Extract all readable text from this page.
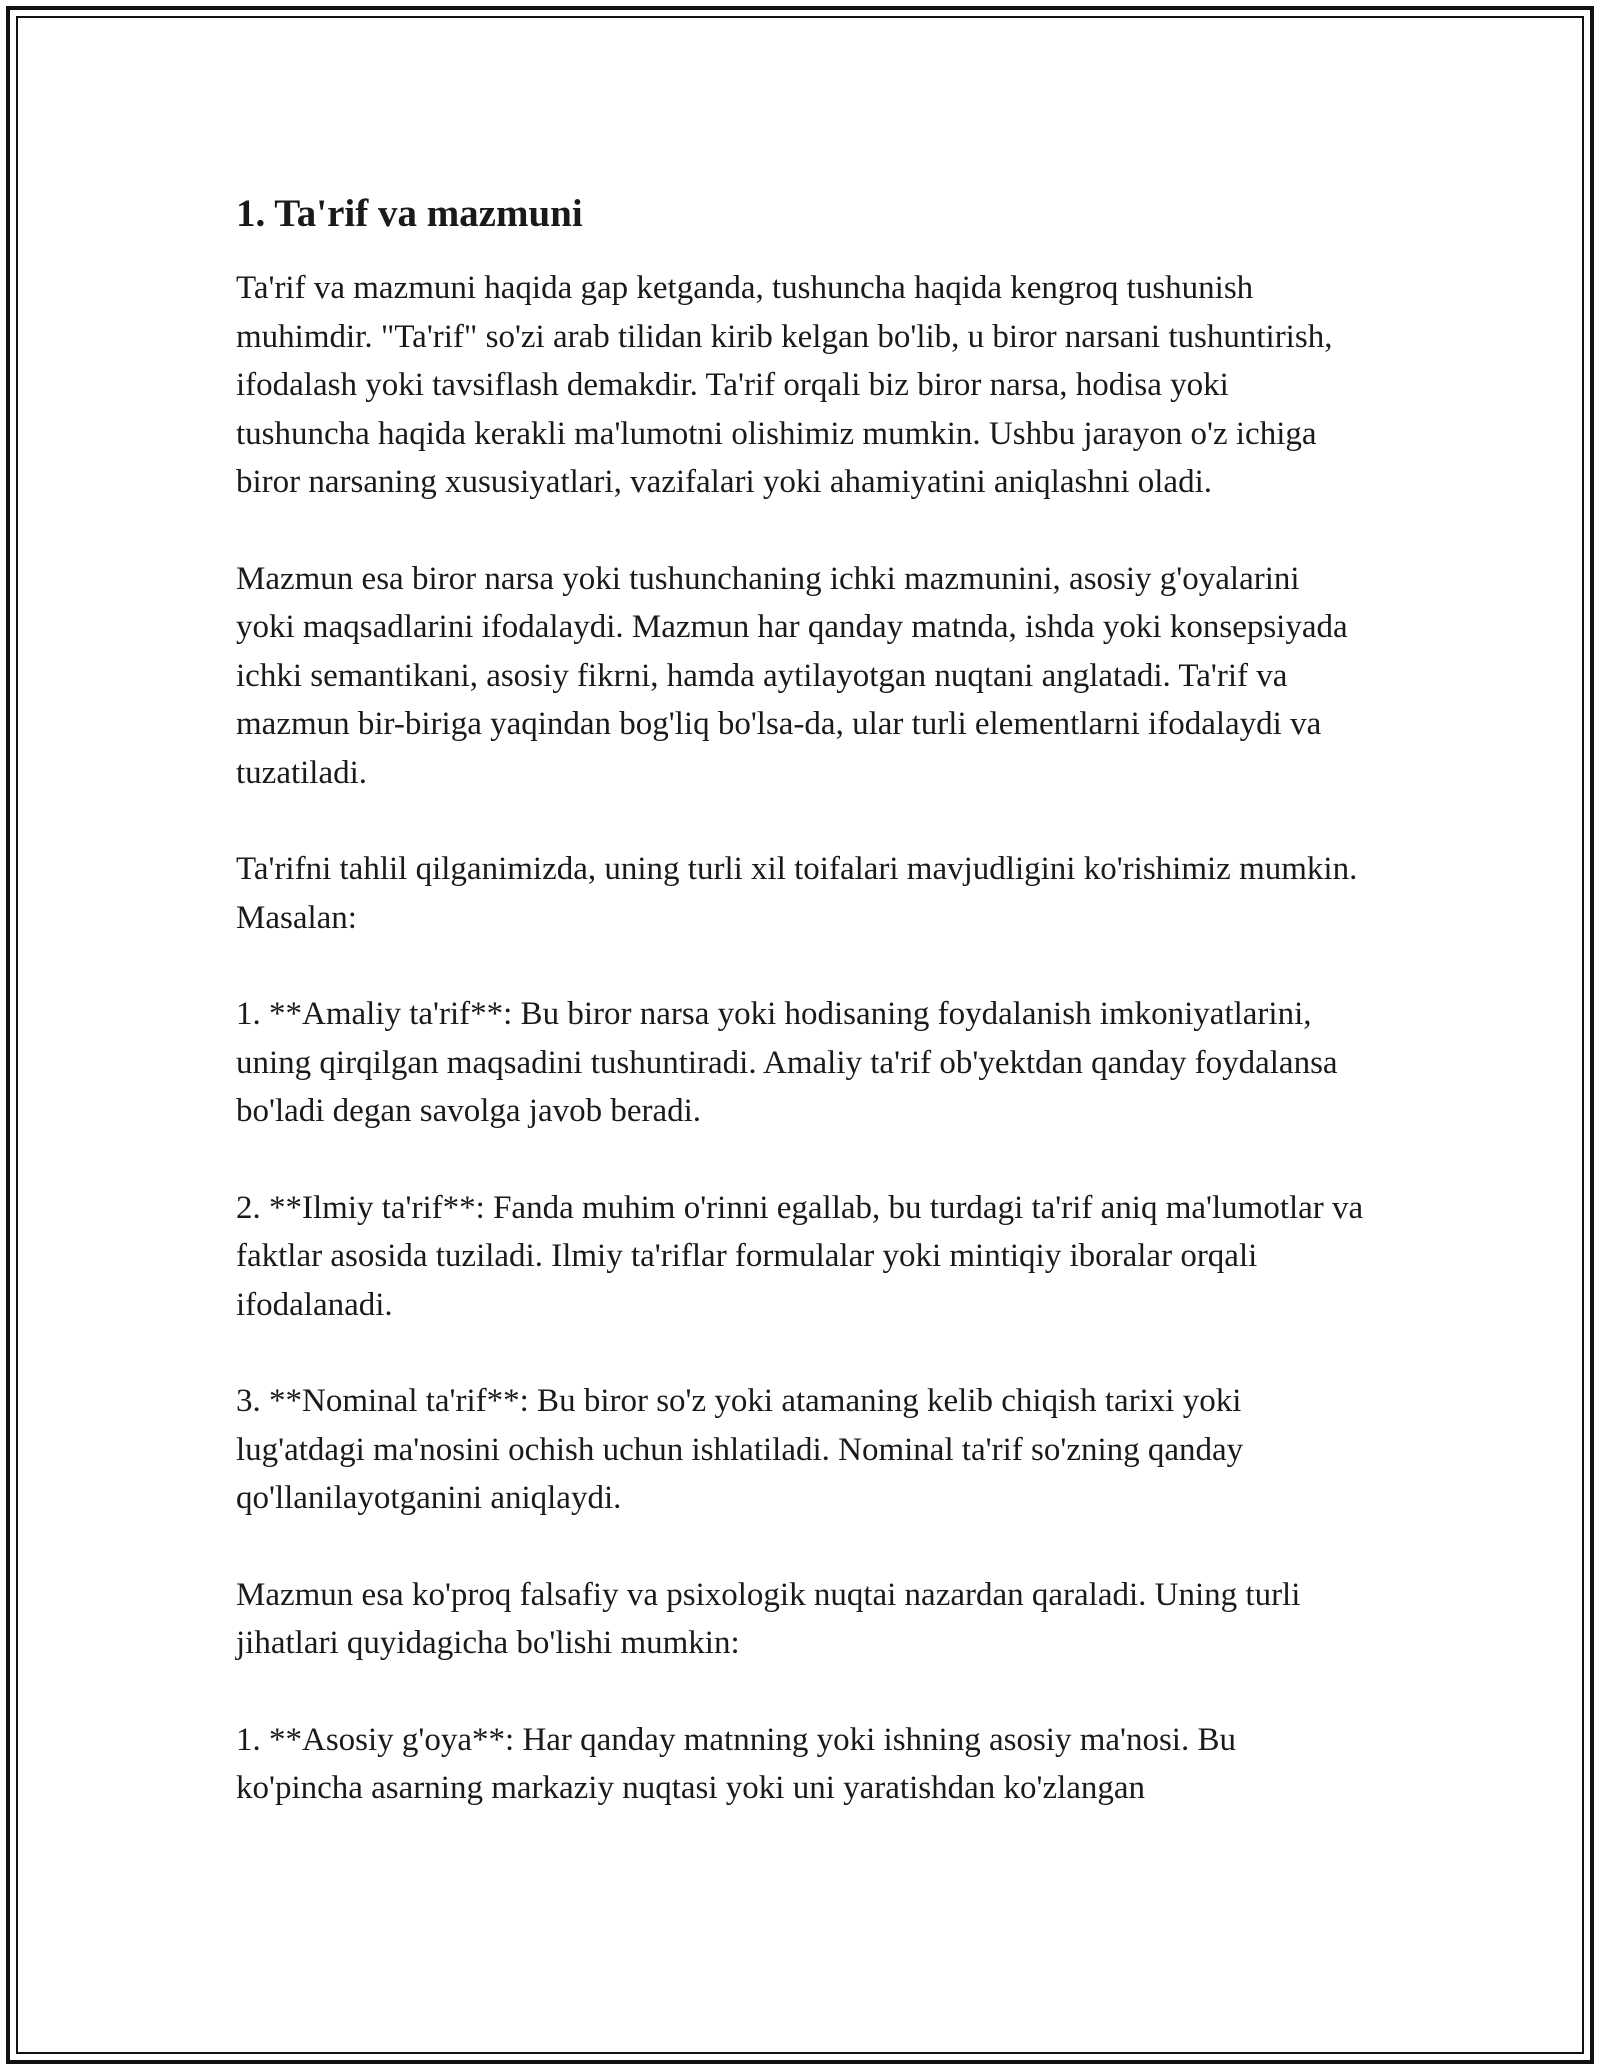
1. Ta'rif va mazmuni

Ta'rif va mazmuni haqida gap ketganda, tushuncha haqida kengroq tushunish muhimdir. "Ta'rif" so'zi arab tilidan kirib kelgan bo'lib, u biror narsani tushuntirish, ifodalash yoki tavsiflash demakdir. Ta'rif orqali biz biror narsa, hodisa yoki tushuncha haqida kerakli ma'lumotni olishimiz mumkin. Ushbu jarayon o'z ichiga biror narsaning xususiyatlari, vazifalari yoki ahamiyatini aniqlashni oladi.

Mazmun esa biror narsa yoki tushunchaning ichki mazmunini, asosiy g'oyalarini yoki maqsadlarini ifodalaydi. Mazmun har qanday matnda, ishda yoki konsepsiyada ichki semantikani, asosiy fikrni, hamda aytilayotgan nuqtani anglatadi. Ta'rif va mazmun bir-biriga yaqindan bog'liq bo'lsa-da, ular turli elementlarni ifodalaydi va tuzatiladi.

Ta'rifni tahlil qilganimizda, uning turli xil toifalari mavjudligini ko'rishimiz mumkin. Masalan:

1. **Amaliy ta'rif**: Bu biror narsa yoki hodisaning foydalanish imkoniyatlarini, uning qirqilgan maqsadini tushuntiradi. Amaliy ta'rif ob'yektdan qanday foydalansa bo'ladi degan savolga javob beradi.

2. **Ilmiy ta'rif**: Fanda muhim o'rinni egallab, bu turdagi ta'rif aniq ma'lumotlar va faktlar asosida tuziladi. Ilmiy ta'riflar formulalar yoki mintiqiy iboralar orqali ifodalanadi.

3. **Nominal ta'rif**: Bu biror so'z yoki atamaning kelib chiqish tarixi yoki lug'atdagi ma'nosini ochish uchun ishlatiladi. Nominal ta'rif so'zning qanday qo'llanilayotganini aniqlaydi.

Mazmun esa ko'proq falsafiy va psixologik nuqtai nazardan qaraladi. Uning turli jihatlari quyidagicha bo'lishi mumkin:

1. **Asosiy g'oya**: Har qanday matnning yoki ishning asosiy ma'nosi. Bu ko'pincha asarning markaziy nuqtasi yoki uni yaratishdan ko'zlangan
